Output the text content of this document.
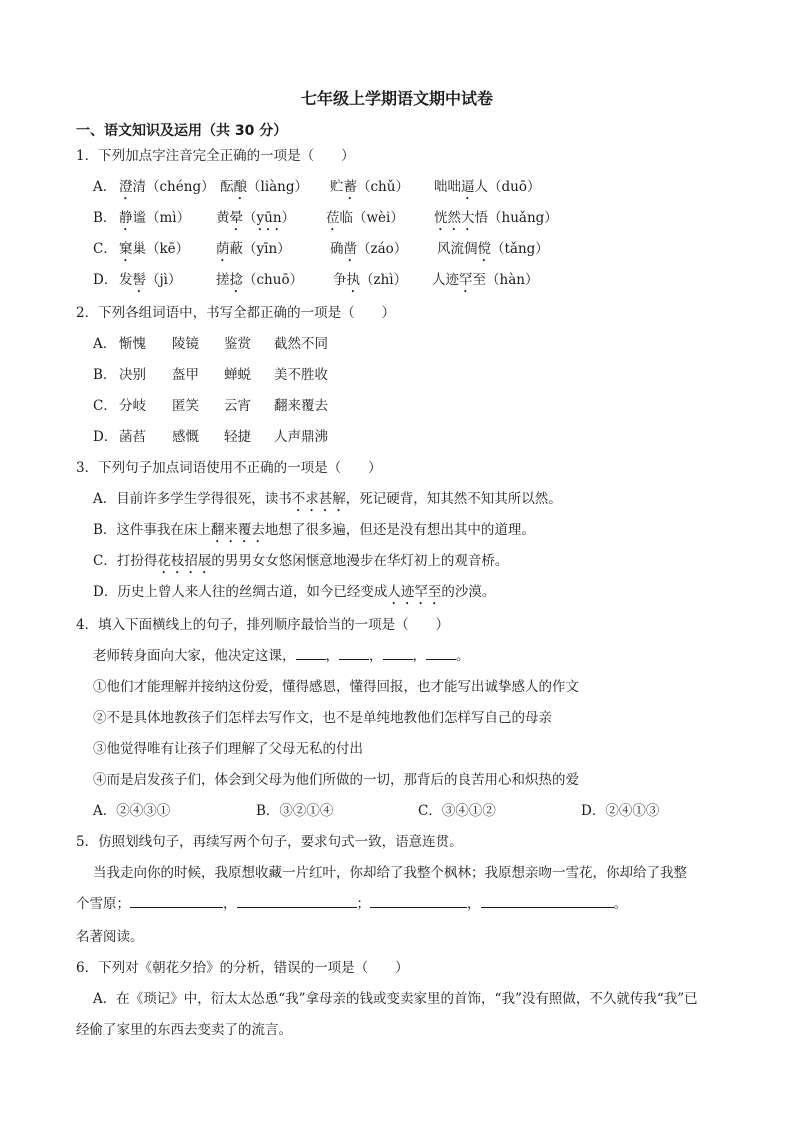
七年级上学期语文期中试卷
一、语文知识及运用（共 30 分）
1．下列加点字注音完全正确的一项是（　　）
A． 澄清（chéng） 酝酿（liàng） 贮蓄（chǔ） 咄咄逼人（duō）
B． 静谧（mì） 黄晕（yūn） 莅临（wèi） 恍然大悟（huǎng）
C． 窠巢（kē） 荫蔽（yīn）	确凿（záo） 风流倜傥（tǎng）
D． 发髻（jì）	搓捻（chuō） 争执（zhì） 人迹罕至（hàn）
2．下列各组词语中，书写全都正确的一项是（　　）
A． 惭愧 陵镜 鉴赏 截然不同
B． 决别 盔甲 蝉蜕 美不胜收
C． 分岐 匿笑 云宵 翻来覆去
D． 菡萏 感慨 轻捷 人声鼎沸
3．下列句子加点词语使用不正确的一项是（　　）
A．目前许多学生学得很死，读书不求甚解，死记硬背，知其然不知其所以然。
B．这件事我在床上翻来覆去地想了很多遍，但还是没有想出其中的道理。
C．打扮得花枝招展的男男女女悠闲惬意地漫步在华灯初上的观音桥。
D．历史上曾人来人往的丝绸古道，如今已经变成人迹罕至的沙漠。
4．填入下面横线上的句子，排列顺序最恰当的一项是（　　）
老师转身面向大家，他决定这课， ， ， ， 。
①他们才能理解并接纳这份爱，懂得感恩，懂得回报，也才能写出诚挚感人的作文
②不是具体地教孩子们怎样去写作文，也不是单纯地教他们怎样写自己的母亲
③他觉得唯有让孩子们理解了父母无私的付出
④而是启发孩子们，体会到父母为他们所做的一切，那背后的良苦用心和炽热的爱
A．②④③①	B．③②①④	C．③④①②	D．②④①③
5．仿照划线句子，再续写两个句子，要求句式一致，语意连贯。
当我走向你的时候，我原想收藏一片红叶，你却给了我整个枫林；我原想亲吻一雪花，你却给了我整
个雪原；	，	；	，	。
名著阅读。
6．下列对《朝花夕拾》的分析，错误的一项是（　　）
A．在《琐记》中，衍太太怂恿“我”拿母亲的钱或变卖家里的首饰，“我”没有照做，不久就传我“我”已
经偷了家里的东西去变卖了的流言。
